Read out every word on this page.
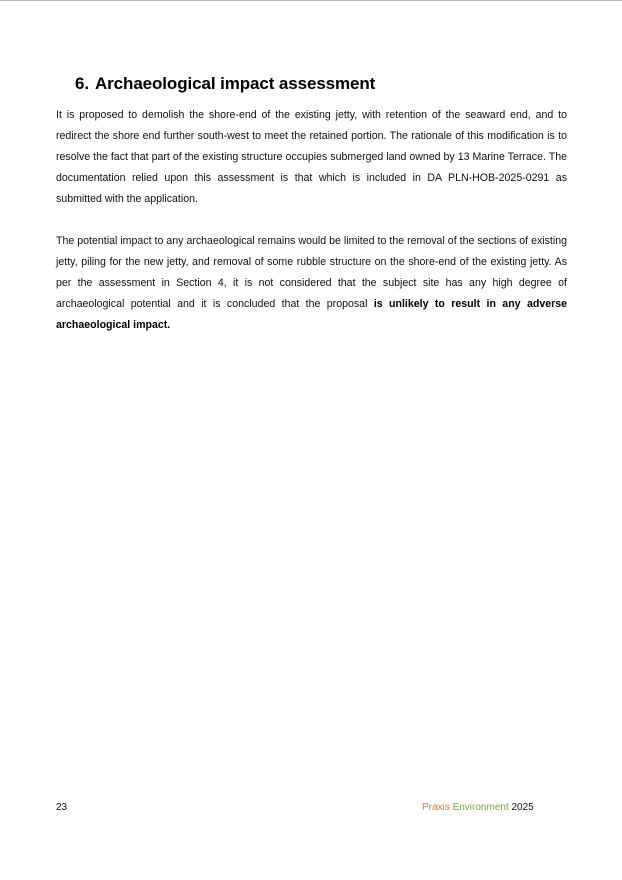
6. Archaeological impact assessment

It is proposed to demolish the shore-end of the existing jetty, with retention of the seaward end, and to redirect the shore end further south-west to meet the retained portion. The rationale of this modification is to resolve the fact that part of the existing structure occupies submerged land owned by 13 Marine Terrace. The documentation relied upon this assessment is that which is included in DA PLN-HOB-2025-0291 as submitted with the application.

The potential impact to any archaeological remains would be limited to the removal of the sections of existing jetty, piling for the new jetty, and removal of some rubble structure on the shore-end of the existing jetty. As per the assessment in Section 4, it is not considered that the subject site has any high degree of archaeological potential and it is concluded that the proposal is unlikely to result in any adverse archaeological impact.

23	Praxis Environment 2025
